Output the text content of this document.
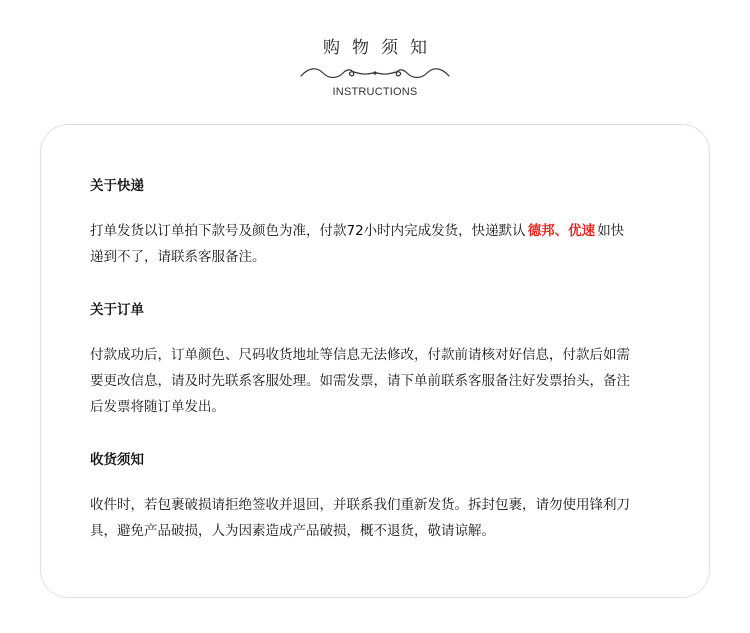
购物须知
INSTRUCTIONS
关于快递

打单发货以订单拍下款号及颜色为准，付款72小时内完成发货，快递默认 德邦、优速 如快
递到不了，请联系客服备注。

关于订单

付款成功后，订单颜色、尺码收货地址等信息无法修改，付款前请核对好信息，付款后如需
要更改信息，请及时先联系客服处理。如需发票，请下单前联系客服备注好发票抬头，备注
后发票将随订单发出。

收货须知

收件时，若包裹破损请拒绝签收并退回，并联系我们重新发货。拆封包裹，请勿使用锋利刀
具，避免产品破损，人为因素造成产品破损，概不退货，敬请谅解。
